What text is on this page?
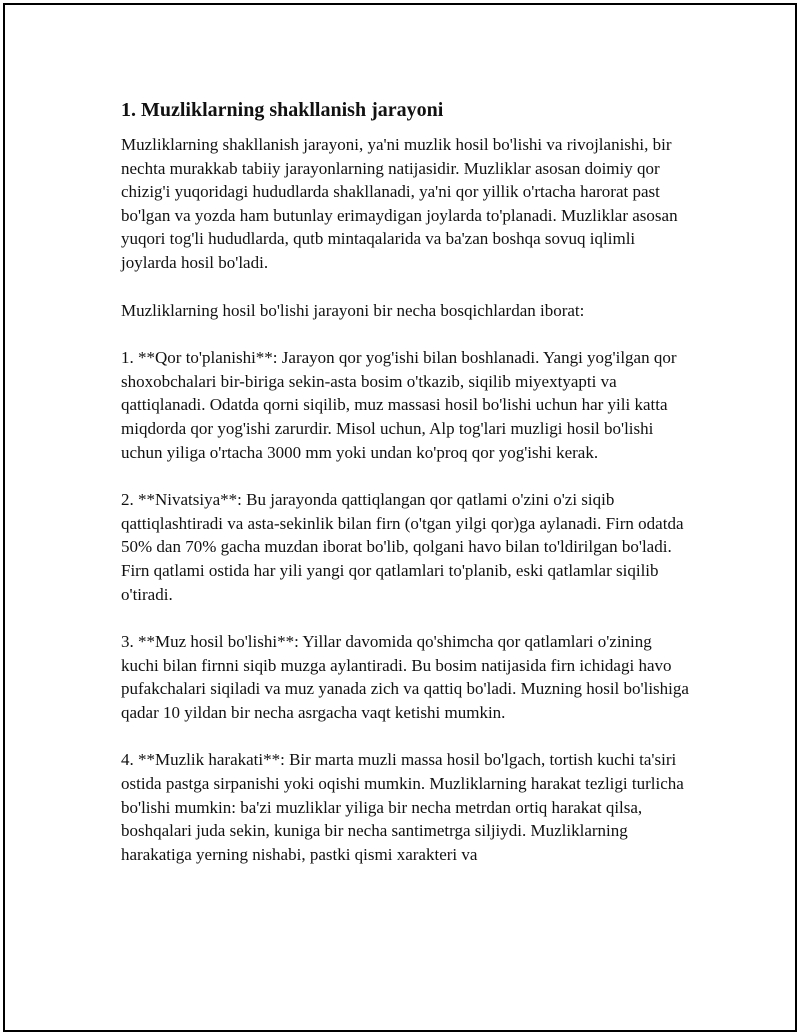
1. Muzliklarning shakllanish jarayoni

Muzliklarning shakllanish jarayoni, ya'ni muzlik hosil bo'lishi va rivojlanishi, bir nechta murakkab tabiiy jarayonlarning natijasidir. Muzliklar asosan doimiy qor chizig'i yuqoridagi hududlarda shakllanadi, ya'ni qor yillik o'rtacha harorat past bo'lgan va yozda ham butunlay erimaydigan joylarda to'planadi. Muzliklar asosan yuqori tog'li hududlarda, qutb mintaqalarida va ba'zan boshqa sovuq iqlimli joylarda hosil bo'ladi.

Muzliklarning hosil bo'lishi jarayoni bir necha bosqichlardan iborat:

1. **Qor to'planishi**: Jarayon qor yog'ishi bilan boshlanadi. Yangi yog'ilgan qor shoxobchalari bir-biriga sekin-asta bosim o'tkazib, siqilib miyextyapti va qattiqlanadi. Odatda qorni siqilib, muz massasi hosil bo'lishi uchun har yili katta miqdorda qor yog'ishi zarurdir. Misol uchun, Alp tog'lari muzligi hosil bo'lishi uchun yiliga o'rtacha 3000 mm yoki undan ko'proq qor yog'ishi kerak.

2. **Nivatsiya**: Bu jarayonda qattiqlangan qor qatlami o'zini o'zi siqib qattiqlashtiradi va asta-sekinlik bilan firn (o'tgan yilgi qor)ga aylanadi. Firn odatda 50% dan 70% gacha muzdan iborat bo'lib, qolgani havo bilan to'ldirilgan bo'ladi. Firn qatlami ostida har yili yangi qor qatlamlari to'planib, eski qatlamlar siqilib o'tiradi.

3. **Muz hosil bo'lishi**: Yillar davomida qo'shimcha qor qatlamlari o'zining kuchi bilan firnni siqib muzga aylantiradi. Bu bosim natijasida firn ichidagi havo pufakchalari siqiladi va muz yanada zich va qattiq bo'ladi. Muzning hosil bo'lishiga qadar 10 yildan bir necha asrgacha vaqt ketishi mumkin.

4. **Muzlik harakati**: Bir marta muzli massa hosil bo'lgach, tortish kuchi ta'siri ostida pastga sirpanishi yoki oqishi mumkin. Muzliklarning harakat tezligi turlicha bo'lishi mumkin: ba'zi muzliklar yiliga bir necha metrdan ortiq harakat qilsa, boshqalari juda sekin, kuniga bir necha santimetrga siljiydi. Muzliklarning harakatiga yerning nishabi, pastki qismi xarakteri va
